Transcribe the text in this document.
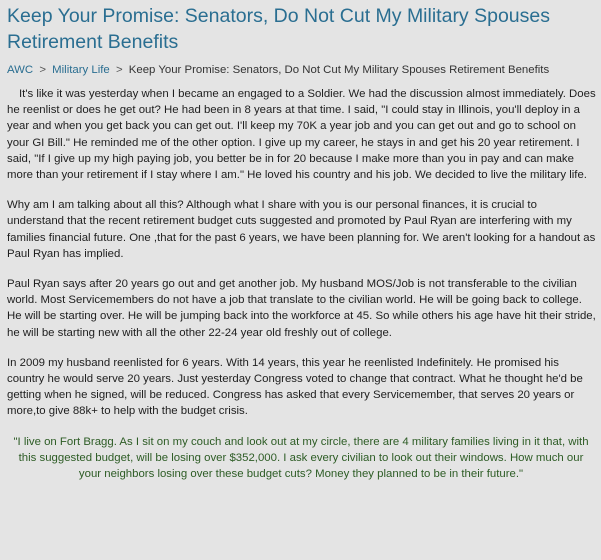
Keep Your Promise: Senators, Do Not Cut My Military Spouses Retirement Benefits
AWC > Military Life > Keep Your Promise: Senators, Do Not Cut My Military Spouses Retirement Benefits

It's like it was yesterday when I became an engaged to a Soldier. We had the discussion almost immediately. Does he reenlist or does he get out? He had been in 8 years at that time. I said, "I could stay in Illinois, you'll deploy in a year and when you get back you can get out. I'll keep my 70K a year job and you can get out and go to school on your GI Bill." He reminded me of the other option. I give up my career, he stays in and get his 20 year retirement. I said, "If I give up my high paying job, you better be in for 20 because I make more than you in pay and can make more than your retirement if I stay where I am." He loved his country and his job. We decided to live the military life.

Why am I am talking about all this? Although what I share with you is our personal finances, it is crucial to understand that the recent retirement budget cuts suggested and promoted by Paul Ryan are interfering with my families financial future. One ,that for the past 6 years, we have been planning for. We aren't looking for a handout as Paul Ryan has implied.

Paul Ryan says after 20 years go out and get another job. My husband MOS/Job is not transferable to the civilian world. Most Servicemembers do not have a job that translate to the civilian world. He will be going back to college. He will be starting over. He will be jumping back into the workforce at 45. So while others his age have hit their stride, he will be starting new with all the other 22-24 year old freshly out of college.

In 2009 my husband reenlisted for 6 years. With 14 years, this year he reenlisted Indefinitely. He promised his country he would serve 20 years. Just yesterday Congress voted to change that contract. What he thought he'd be getting when he signed, will be reduced. Congress has asked that every Servicemember, that serves 20 years or more,to give 88k+ to help with the budget crisis.

"I live on Fort Bragg. As I sit on my couch and look out at my circle, there are 4 military families living in it that, with this suggested budget, will be losing over $352,000. I ask every civilian to look out their windows. How much our your neighbors losing over these budget cuts? Money they planned to be in their future."
